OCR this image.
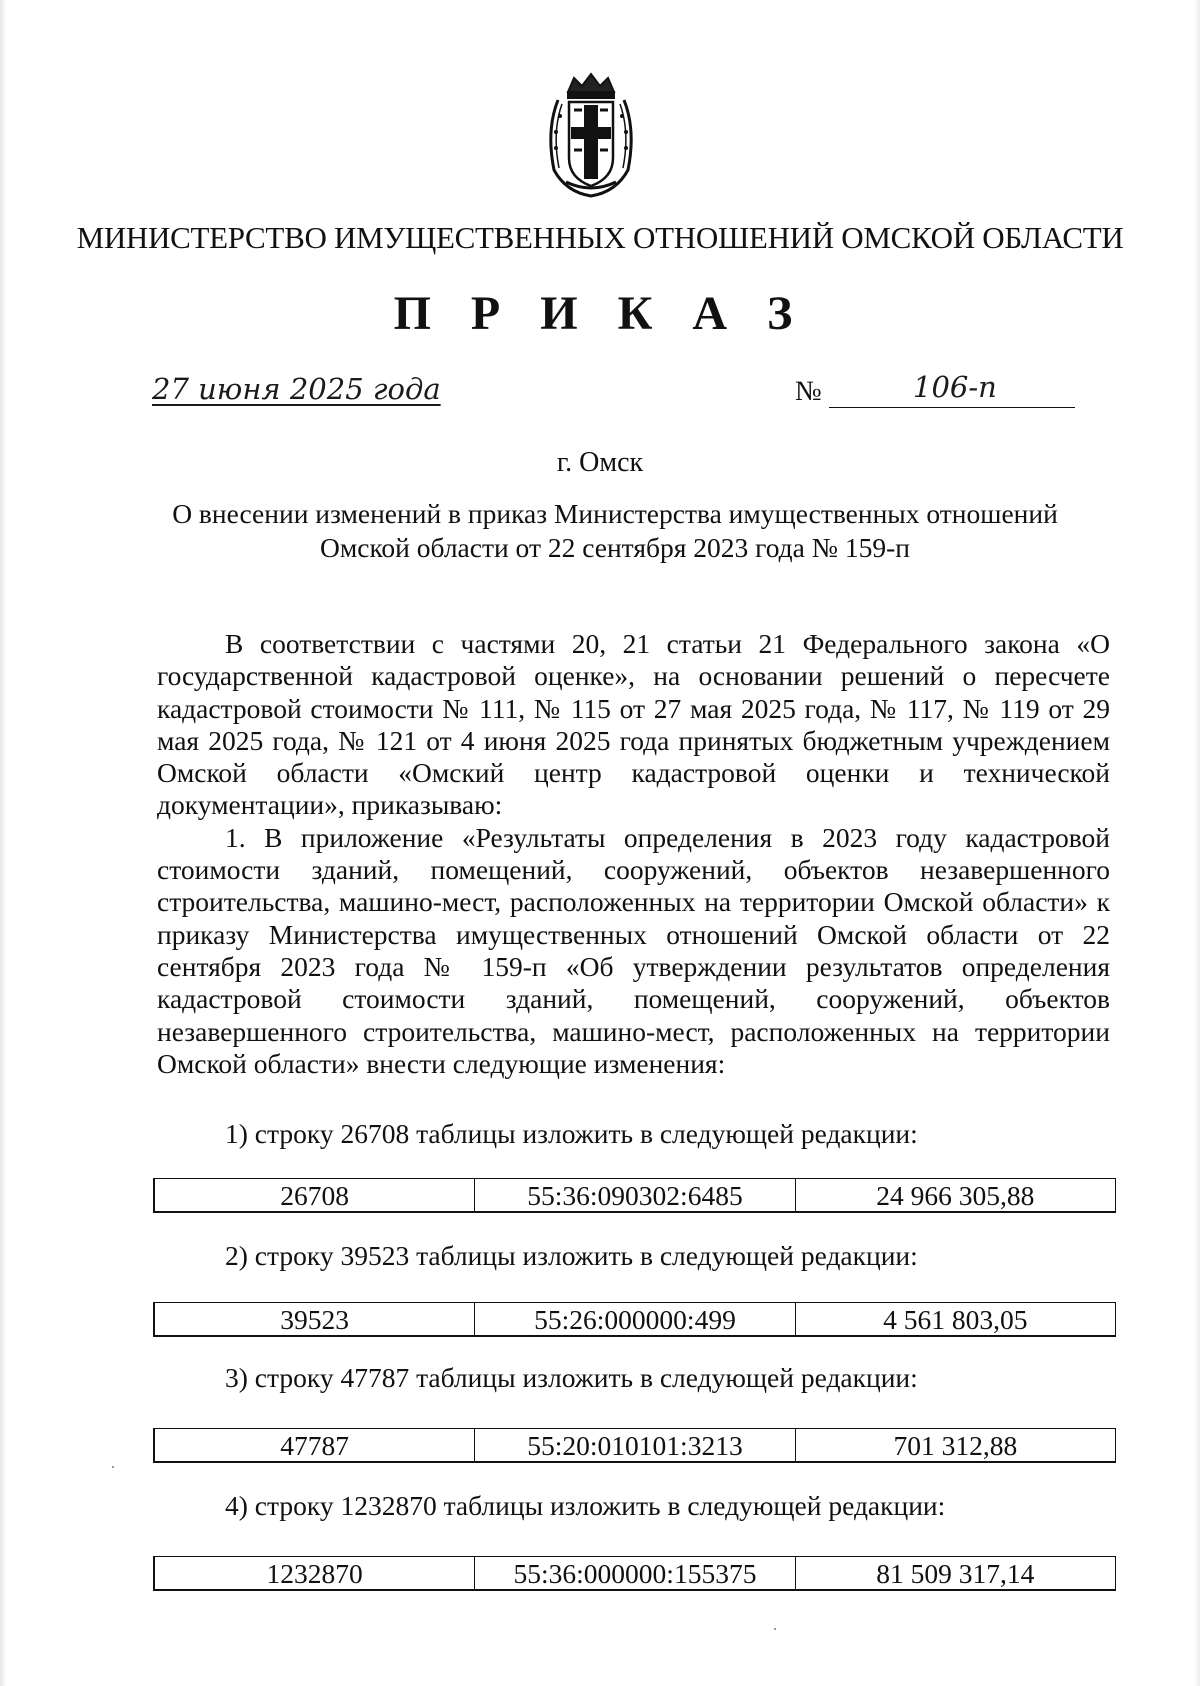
МИНИСТЕРСТВО ИМУЩЕСТВЕННЫХ ОТНОШЕНИЙ ОМСКОЙ ОБЛАСТИ
П Р И К А З
27 июня 2025 года	№	106-п
г. Омск
О внесении изменений в приказ Министерства имущественных отношений
Омской области от 22 сентября 2023 года № 159-п

В соответствии с частями 20, 21 статьи 21 Федерального закона «О государственной кадастровой оценке», на основании решений о пересчете кадастровой стоимости № 111, № 115 от 27 мая 2025 года, № 117, № 119 от 29 мая 2025 года, № 121 от 4 июня 2025 года принятых бюджетным учреждением Омской области «Омский центр кадастровой оценки и технической документации», приказываю:

1. В приложение «Результаты определения в 2023 году кадастровой стоимости зданий, помещений, сооружений, объектов незавершенного строительства, машино-мест, расположенных на территории Омской области» к приказу Министерства имущественных отношений Омской области от 22 сентября 2023 года № 159-п «Об утверждении результатов определения кадастровой стоимости зданий, помещений, сооружений, объектов незавершенного строительства, машино-мест, расположенных на территории Омской области» внести следующие изменения:

1) строку 26708 таблицы изложить в следующей редакции:
26708	55:36:090302:6485	24 966 305,88
2) строку 39523 таблицы изложить в следующей редакции:
39523	55:26:000000:499	4 561 803,05
3) строку 47787 таблицы изложить в следующей редакции:
47787	55:20:010101:3213	701 312,88
4) строку 1232870 таблицы изложить в следующей редакции:
1232870	55:36:000000:155375	81 509 317,14
